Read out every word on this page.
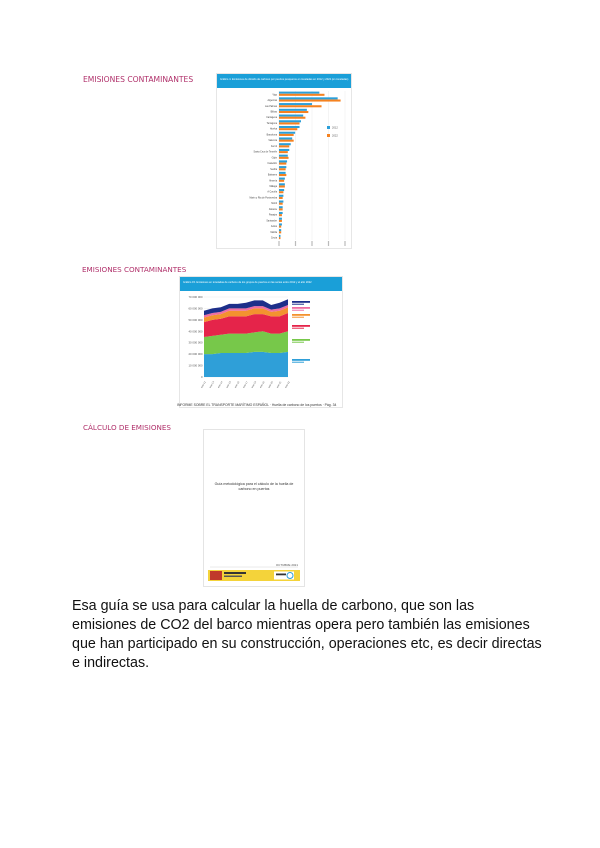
EMISIONES CONTAMINANTES	Gráfico 4. Emisiones de dióxido de carbono por puertos pesqueros en toneladas en 2012 y 2022 (en toneladas)
Vigo
Algeciras
Las Palmas
Bilbao
Cartagena
Tarragona
Huelva
Barcelona
Valencia
Ferrol
Santa Cruz de Tenerife
Gijón
Castellón
Sevilla
Baleares
Almería
Málaga
A Coruña
Marín y Ría de Pontevedra
Motril
Alicante
Pasajes
Santander
Avilés
Melilla
Ceuta
2012
2022
EMISIONES CONTAMINANTES
Gráfico 15. Emisiones en toneladas de carbono de los grupos de puertos en las series entre 2012 y el año 2022
0
10 000 000
20 000 000
30 000 000
40 000 000
50 000 000
60 000 000
70 000 000
ene-12 ene-13 ene-14 ene-15 ene-16 ene-17 ene-18 ene-19 ene-20 ene-21 ene-22
INFORME SOBRE EL TRANSPORTE MARÍTIMO ESPAÑOL · Huella de carbono de los puertos · Pág. 34
CÁLCULO DE EMISIONES
Guía metodológica para el cálculo de la huella de carbono en puertos
OCTUBRE 2021
Esa guía se usa para calcular la huella de carbono, que son las emisiones de CO2 del barco mientras opera pero también las emisiones que han participado en su construcción, operaciones etc, es decir directas e indirectas.
